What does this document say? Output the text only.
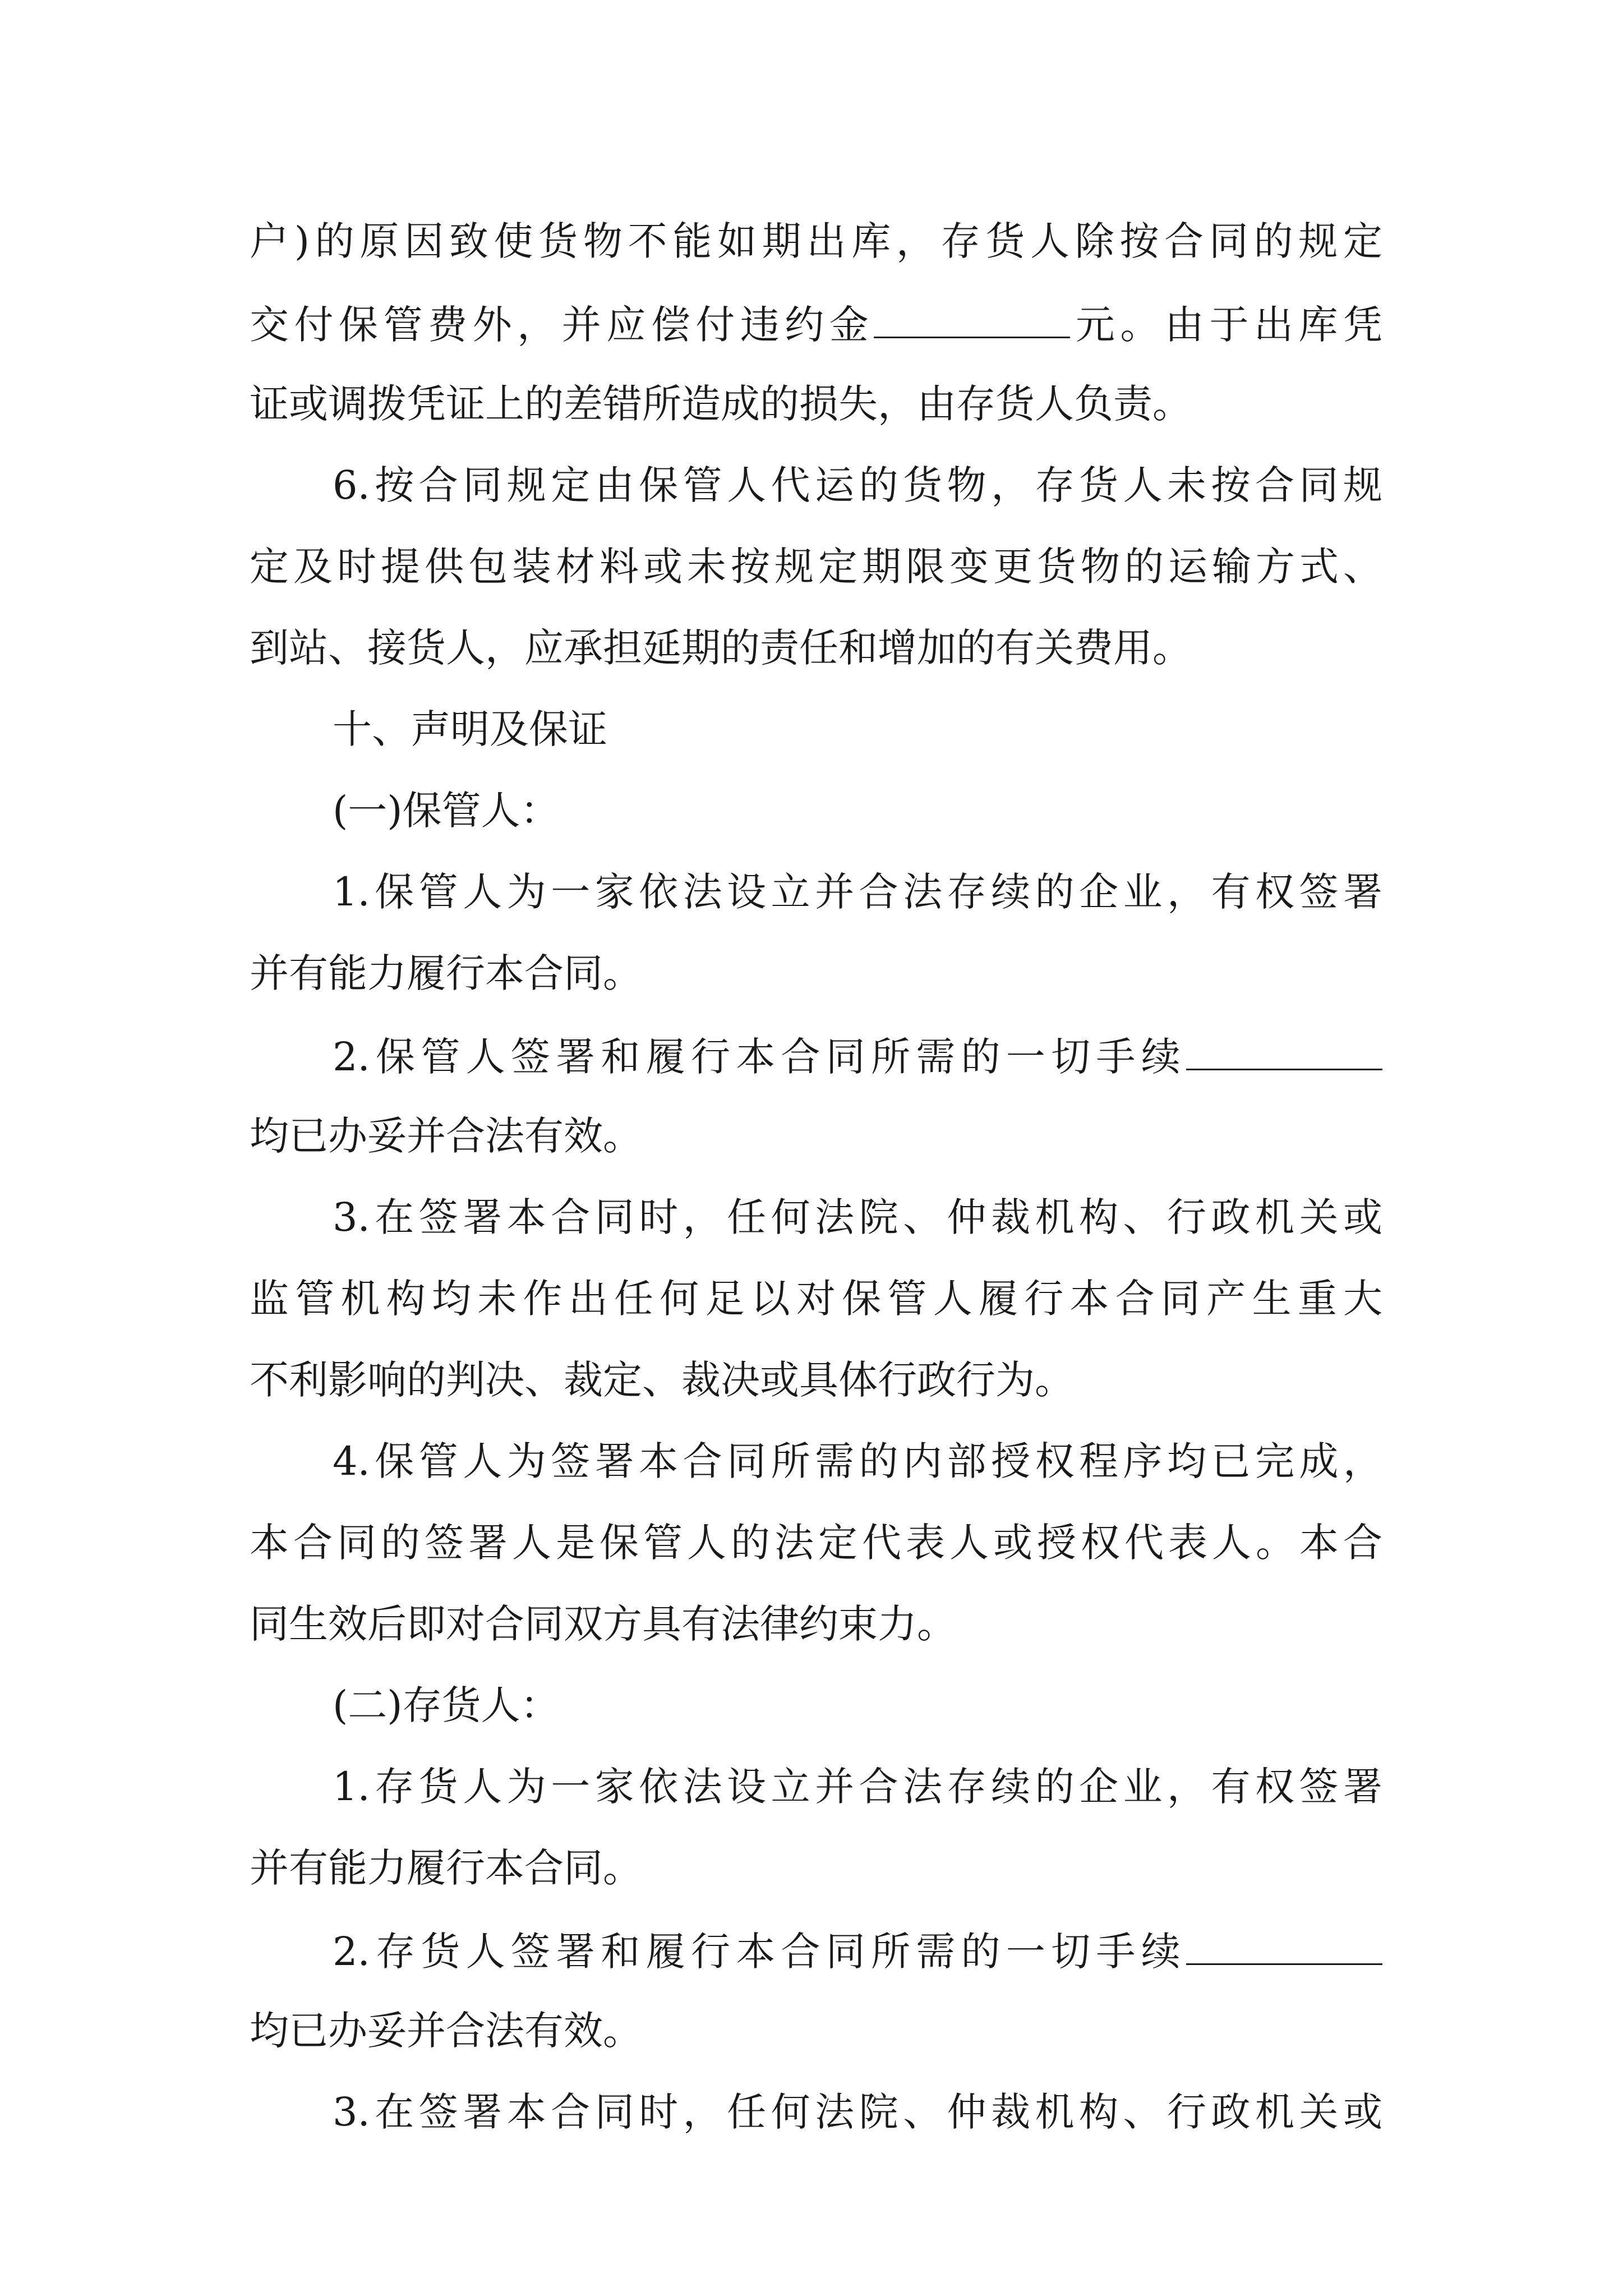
户)的原因致使货物不能如期出库，存货人除按合同的规定
交付保管费外，并应偿付违约金	元。由于出库凭
证或调拨凭证上的差错所造成的损失，由存货人负责。
6.按合同规定由保管人代运的货物，存货人未按合同规
定及时提供包装材料或未按规定期限变更货物的运输方式、
到站、接货人，应承担延期的责任和增加的有关费用。
十、声明及保证
(一)保管人：
1.保管人为一家依法设立并合法存续的企业，有权签署
并有能力履行本合同。
2.保管人签署和履行本合同所需的一切手续
均已办妥并合法有效。
3.在签署本合同时，任何法院、仲裁机构、行政机关或
监管机构均未作出任何足以对保管人履行本合同产生重大
不利影响的判决、裁定、裁决或具体行政行为。
4.保管人为签署本合同所需的内部授权程序均已完成，
本合同的签署人是保管人的法定代表人或授权代表人。本合
同生效后即对合同双方具有法律约束力。
(二)存货人：
1.存货人为一家依法设立并合法存续的企业，有权签署
并有能力履行本合同。
2.存货人签署和履行本合同所需的一切手续
均已办妥并合法有效。
3.在签署本合同时，任何法院、仲裁机构、行政机关或
